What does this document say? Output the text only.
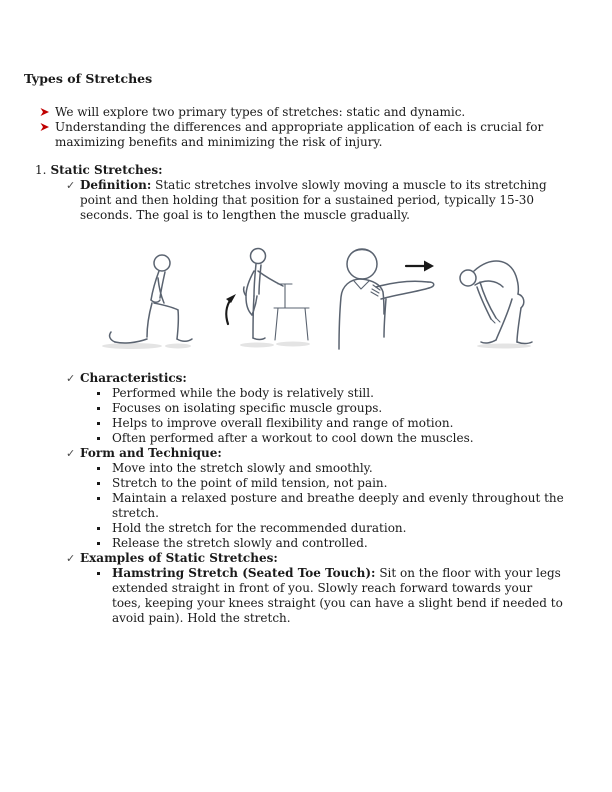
Types of Stretches
We will explore two primary types of stretches: static and dynamic.
Understanding the differences and appropriate application of each is crucial for maximizing benefits and minimizing the risk of injury.
1. Static Stretches:
✓ Definition: Static stretches involve slowly moving a muscle to its stretching point and then holding that position for a sustained period, typically 15-30 seconds. The goal is to lengthen the muscle gradually.
✓ Characteristics:
Performed while the body is relatively still.
Focuses on isolating specific muscle groups.
Helps to improve overall flexibility and range of motion.
Often performed after a workout to cool down the muscles.
✓ Form and Technique:
Move into the stretch slowly and smoothly.
Stretch to the point of mild tension, not pain.
Maintain a relaxed posture and breathe deeply and evenly throughout the stretch.
Hold the stretch for the recommended duration.
Release the stretch slowly and controlled.
✓ Examples of Static Stretches:
Hamstring Stretch (Seated Toe Touch): Sit on the floor with your legs extended straight in front of you. Slowly reach forward towards your toes, keeping your knees straight (you can have a slight bend if needed to avoid pain). Hold the stretch.
